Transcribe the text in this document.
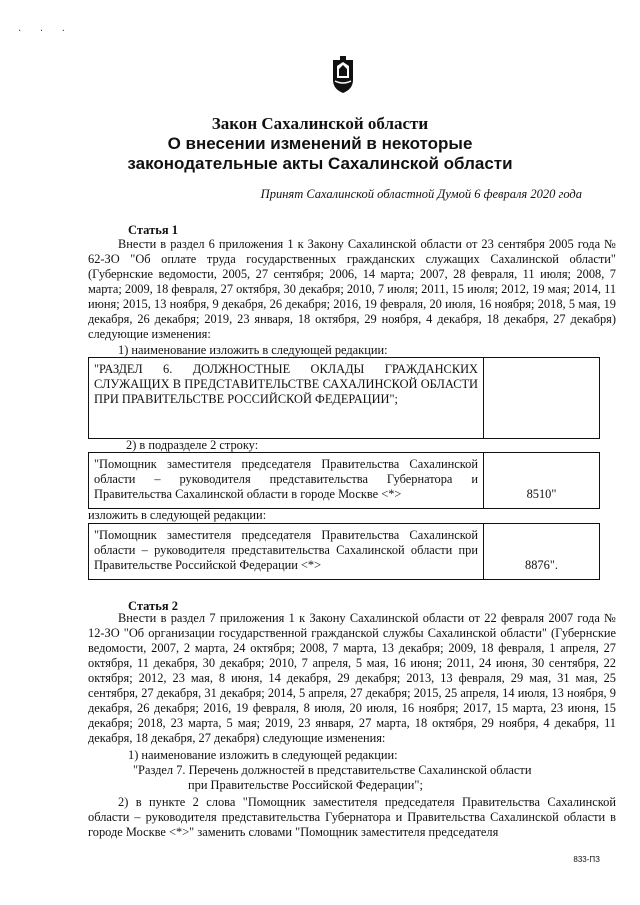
· · ·
Закон Сахалинской области
О внесении изменений в некоторые
законодательные акты Сахалинской области
Принят Сахалинской областной Думой 6 февраля 2020 года
Статья 1

Внести в раздел 6 приложения 1 к Закону Сахалинской области от 23 сентября 2005 года № 62-ЗО "Об оплате труда государственных гражданских служащих Сахалинской области" (Губернские ведомости, 2005, 27 сентября; 2006, 14 марта; 2007, 28 февраля, 11 июля; 2008, 7 марта; 2009, 18 февраля, 27 октября, 30 декабря; 2010, 7 июля; 2011, 15 июля; 2012, 19 мая; 2014, 11 июня; 2015, 13 ноября, 9 декабря, 26 декабря; 2016, 19 февраля, 20 июля, 16 ноября; 2018, 5 мая, 19 декабря, 26 декабря; 2019, 23 января, 18 октября, 29 ноября, 4 декабря, 18 декабря, 27 декабря) следующие изменения:

1) наименование изложить в следующей редакции:
"РАЗДЕЛ 6. ДОЛЖНОСТНЫЕ ОКЛАДЫ ГРАЖДАНСКИХ СЛУЖАЩИХ В ПРЕДСТАВИТЕЛЬСТВЕ САХАЛИНСКОЙ ОБЛАСТИ ПРИ ПРАВИТЕЛЬСТВЕ РОССИЙСКОЙ ФЕДЕРАЦИИ";
2) в подразделе 2 строку:
"Помощник заместителя председателя Правительства Сахалинской области – руководителя представительства Губернатора и Правительства Сахалинской области в городе Москве <*>	8510"
изложить в следующей редакции:
"Помощник заместителя председателя Правительства Сахалинской области – руководителя представительства Сахалинской области при Правительстве Российской Федерации <*>	8876".
Статья 2

Внести в раздел 7 приложения 1 к Закону Сахалинской области от 22 февраля 2007 года № 12-ЗО "Об организации государственной гражданской службы Сахалинской области" (Губернские ведомости, 2007, 2 марта, 24 октября; 2008, 7 марта, 13 декабря; 2009, 18 февраля, 1 апреля, 27 октября, 11 декабря, 30 декабря; 2010, 7 апреля, 5 мая, 16 июня; 2011, 24 июня, 30 сентября, 22 октября; 2012, 23 мая, 8 июня, 14 декабря, 29 декабря; 2013, 13 февраля, 29 мая, 31 мая, 25 сентября, 27 декабря, 31 декабря; 2014, 5 апреля, 27 декабря; 2015, 25 апреля, 14 июля, 13 ноября, 9 декабря, 26 декабря; 2016, 19 февраля, 8 июля, 20 июля, 16 ноября; 2017, 15 марта, 23 июня, 15 декабря; 2018, 23 марта, 5 мая; 2019, 23 января, 27 марта, 18 октября, 29 ноября, 4 декабря, 11 декабря, 18 декабря, 27 декабря) следующие изменения:

1) наименование изложить в следующей редакции:
"Раздел 7. Перечень должностей в представительстве Сахалинской области
при Правительстве Российской Федерации";

2) в пункте 2 слова "Помощник заместителя председателя Правительства Сахалинской области – руководителя представительства Губернатора и Правительства Сахалинской области в городе Москве <*>" заменить словами "Помощник заместителя председателя

833-ПЗ
